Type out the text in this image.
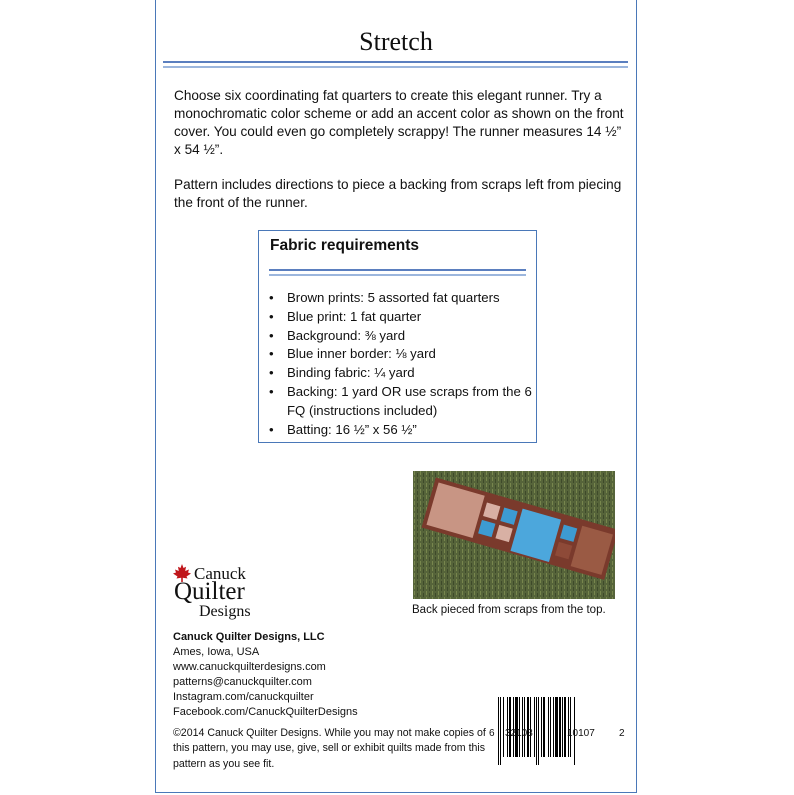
Stretch
Choose six coordinating fat quarters to create this elegant runner. Try a monochromatic color scheme or add an accent color as shown on the front cover. You could even go completely scrappy! The runner measures 14 ½” x 54 ½”.
Pattern includes directions to piece a backing from scraps left from piecing the front of the runner.
Fabric requirements
• Brown prints: 5 assorted fat quarters
• Blue print: 1 fat quarter
• Background: ⅜ yard
• Blue inner border: ⅛ yard
• Binding fabric: ¼ yard
• Backing: 1 yard OR use scraps from the 6 FQ (instructions included)
• Batting: 16 ½” x 56 ½”
Back pieced from scraps from the top.
Canuck
Quilter
Designs
Canuck Quilter Designs, LLC
Ames, Iowa, USA
www.canuckquilterdesigns.com
patterns@canuckquilter.com
Instagram.com/canuckquilter
Facebook.com/CanuckQuilterDesigns
©2014 Canuck Quilter Designs. While you may not make copies of this pattern, you may use, give, sell or exhibit quilts made from this pattern as you see fit.
6 32103	10107 2
